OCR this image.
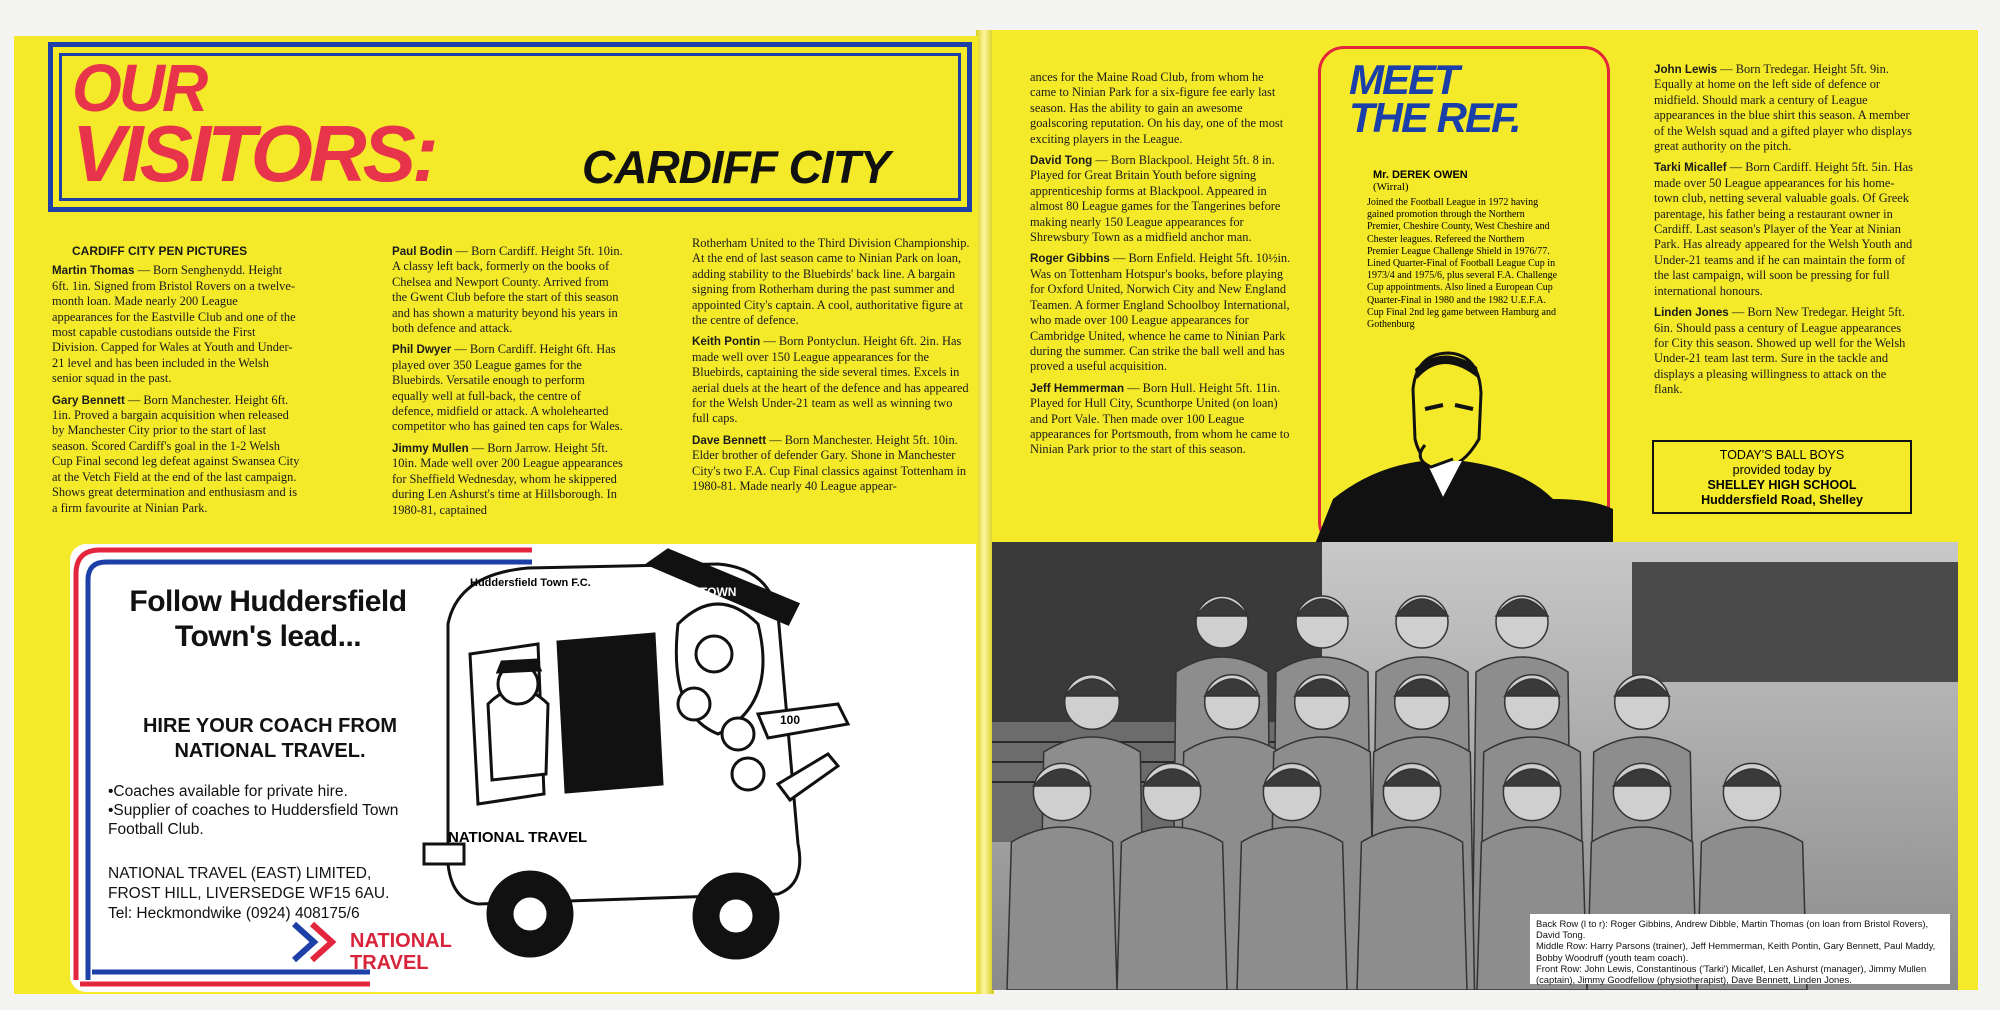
OUR
VISITORS:	CARDIFF CITY
CARDIFF CITY PEN PICTURES

Martin Thomas — Born Senghenydd. Height 6ft. 1in. Signed from Bristol Rovers on a twelve-month loan. Made nearly 200 League appearances for the Eastville Club and one of the most capable custodians outside the First Division. Capped for Wales at Youth and Under-21 level and has been included in the Welsh senior squad in the past.

Gary Bennett — Born Manchester. Height 6ft. 1in. Proved a bargain acquisition when released by Manchester City prior to the start of last season. Scored Cardiff's goal in the 1-2 Welsh Cup Final second leg defeat against Swansea City at the Vetch Field at the end of the last campaign. Shows great determination and enthusiasm and is a firm favourite at Ninian Park.

Paul Bodin — Born Cardiff. Height 5ft. 10in. A classy left back, formerly on the books of Chelsea and Newport County. Arrived from the Gwent Club before the start of this season and has shown a maturity beyond his years in both defence and attack.

Phil Dwyer — Born Cardiff. Height 6ft. Has played over 350 League games for the Bluebirds. Versatile enough to perform equally well at full-back, the centre of defence, midfield or attack. A wholehearted competitor who has gained ten caps for Wales.

Jimmy Mullen — Born Jarrow. Height 5ft. 10in. Made well over 200 League appearances for Sheffield Wednesday, whom he skippered during Len Ashurst's time at Hillsborough. In 1980-81, captained

Rotherham United to the Third Division Championship. At the end of last season came to Ninian Park on loan, adding stability to the Bluebirds' back line. A bargain signing from Rotherham during the past summer and appointed City's captain. A cool, authoritative figure at the centre of defence.

Keith Pontin — Born Pontyclun. Height 6ft. 2in. Has made well over 150 League appearances for the Bluebirds, captaining the side several times. Excels in aerial duels at the heart of the defence and has appeared for the Welsh Under-21 team as well as winning two full caps.

Dave Bennett — Born Manchester. Height 5ft. 10in. Elder brother of defender Gary. Shone in Manchester City's two F.A. Cup Final classics against Tottenham in 1980-81. Made nearly 40 League appear-

Follow Huddersfield Town's lead...
HIRE YOUR COACH FROM NATIONAL TRAVEL.
•Coaches available for private hire.
•Supplier of coaches to Huddersfield Town Football Club.
NATIONAL TRAVEL (EAST) LIMITED,
FROST HILL, LIVERSEDGE WF15 6AU.
Tel: Heckmondwike (0924) 408175/6
NATIONAL
TRAVEL
Huddersfield Town F.C.
NATIONAL TRAVEL
TOWN
100

ances for the Maine Road Club, from whom he came to Ninian Park for a six-figure fee early last season. Has the ability to gain an awesome goalscoring reputation. On his day, one of the most exciting players in the League.

David Tong — Born Blackpool. Height 5ft. 8 in. Played for Great Britain Youth before signing apprenticeship forms at Blackpool. Appeared in almost 80 League games for the Tangerines before making nearly 150 League appearances for Shrewsbury Town as a midfield anchor man.

Roger Gibbins — Born Enfield. Height 5ft. 10½in. Was on Tottenham Hotspur's books, before playing for Oxford United, Norwich City and New England Teamen. A former England Schoolboy International, who made over 100 League appearances for Cambridge United, whence he came to Ninian Park during the summer. Can strike the ball well and has proved a useful acquisition.

Jeff Hemmerman — Born Hull. Height 5ft. 11in. Played for Hull City, Scunthorpe United (on loan) and Port Vale. Then made over 100 League appearances for Portsmouth, from whom he came to Ninian Park prior to the start of this season.

MEET
THE REF.
Mr. DEREK OWEN
(Wirral)
Joined the Football League in 1972 having gained promotion through the Northern Premier, Cheshire County, West Cheshire and Chester leagues. Refereed the Northern Premier League Challenge Shield in 1976/77. Lined Quarter-Final of Football League Cup in 1973/4 and 1975/6, plus several F.A. Challenge Cup appointments. Also lined a European Cup Quarter-Final in 1980 and the 1982 U.E.F.A. Cup Final 2nd leg game between Hamburg and Gothenburg

John Lewis — Born Tredegar. Height 5ft. 9in. Equally at home on the left side of defence or midfield. Should mark a century of League appearances in the blue shirt this season. A member of the Welsh squad and a gifted player who displays great authority on the pitch.

Tarki Micallef — Born Cardiff. Height 5ft. 5in. Has made over 50 League appearances for his home-town club, netting several valuable goals. Of Greek parentage, his father being a restaurant owner in Cardiff. Last season's Player of the Year at Ninian Park. Has already appeared for the Welsh Youth and Under-21 teams and if he can maintain the form of the last campaign, will soon be pressing for full international honours.

Linden Jones — Born New Tredegar. Height 5ft. 6in. Should pass a century of League appearances for City this season. Showed up well for the Welsh Under-21 team last term. Sure in the tackle and displays a pleasing willingness to attack on the flank.

TODAY'S BALL BOYS
provided today by
SHELLEY HIGH SCHOOL
Huddersfield Road, Shelley
Back Row (l to r): Roger Gibbins, Andrew Dibble, Martin Thomas (on loan from Bristol Rovers), David Tong.
Middle Row: Harry Parsons (trainer), Jeff Hemmerman, Keith Pontin, Gary Bennett, Paul Maddy, Bobby Woodruff (youth team coach).
Front Row: John Lewis, Constantinous ('Tarki') Micallef, Len Ashurst (manager), Jimmy Mullen (captain), Jimmy Goodfellow (physiotherapist), Dave Bennett, Linden Jones.
